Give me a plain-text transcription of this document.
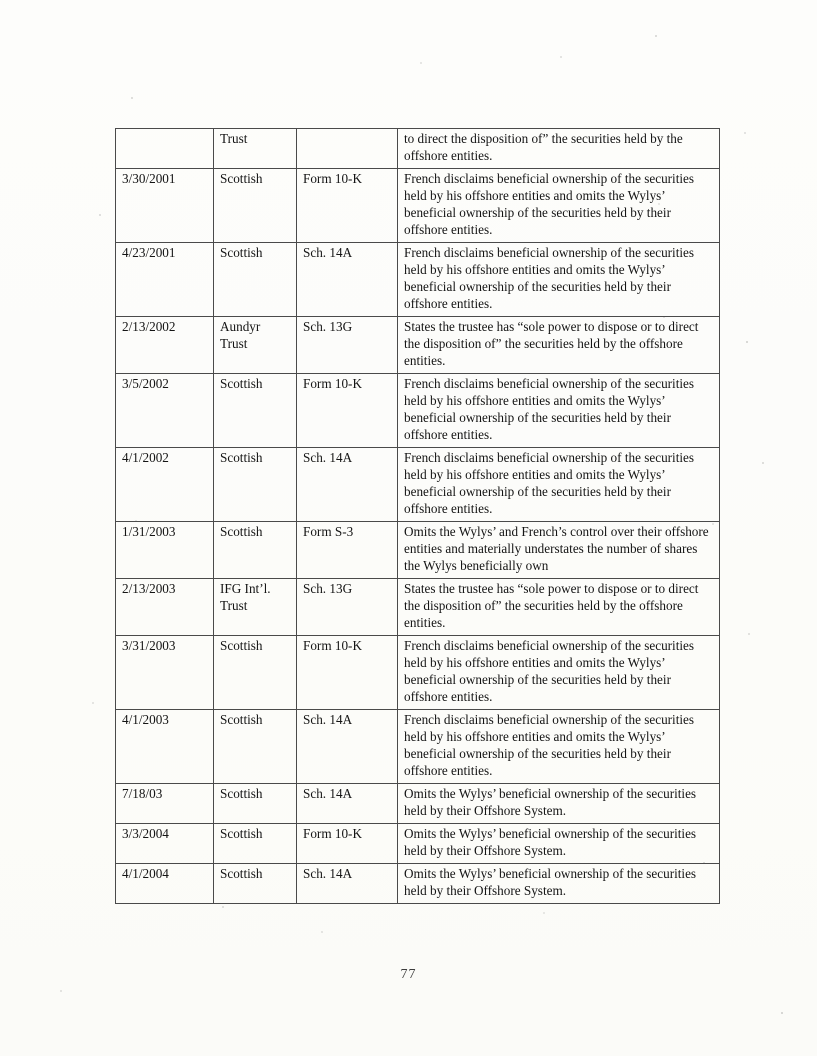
	Trust		to direct the disposition of” the securities held by the offshore entities.
3/30/2001	Scottish	Form 10-K	French disclaims beneficial ownership of the securities held by his offshore entities and omits the Wylys’ beneficial ownership of the securities held by their offshore entities.
4/23/2001	Scottish	Sch. 14A	French disclaims beneficial ownership of the securities held by his offshore entities and omits the Wylys’ beneficial ownership of the securities held by their offshore entities.
2/13/2002	Aundyr Trust	Sch. 13G	States the trustee has “sole power to dispose or to direct the disposition of” the securities held by the offshore entities.
3/5/2002	Scottish	Form 10-K	French disclaims beneficial ownership of the securities held by his offshore entities and omits the Wylys’ beneficial ownership of the securities held by their offshore entities.
4/1/2002	Scottish	Sch. 14A	French disclaims beneficial ownership of the securities held by his offshore entities and omits the Wylys’ beneficial ownership of the securities held by their offshore entities.
1/31/2003	Scottish	Form S-3	Omits the Wylys’ and French’s control over their offshore entities and materially understates the number of shares the Wylys beneficially own
2/13/2003	IFG Int’l. Trust	Sch. 13G	States the trustee has “sole power to dispose or to direct the disposition of” the securities held by the offshore entities.
3/31/2003	Scottish	Form 10-K	French disclaims beneficial ownership of the securities held by his offshore entities and omits the Wylys’ beneficial ownership of the securities held by their offshore entities.
4/1/2003	Scottish	Sch. 14A	French disclaims beneficial ownership of the securities held by his offshore entities and omits the Wylys’ beneficial ownership of the securities held by their offshore entities.
7/18/03	Scottish	Sch. 14A	Omits the Wylys’ beneficial ownership of the securities held by their Offshore System.
3/3/2004	Scottish	Form 10-K	Omits the Wylys’ beneficial ownership of the securities held by their Offshore System.
4/1/2004	Scottish	Sch. 14A	Omits the Wylys’ beneficial ownership of the securities held by their Offshore System.
77
